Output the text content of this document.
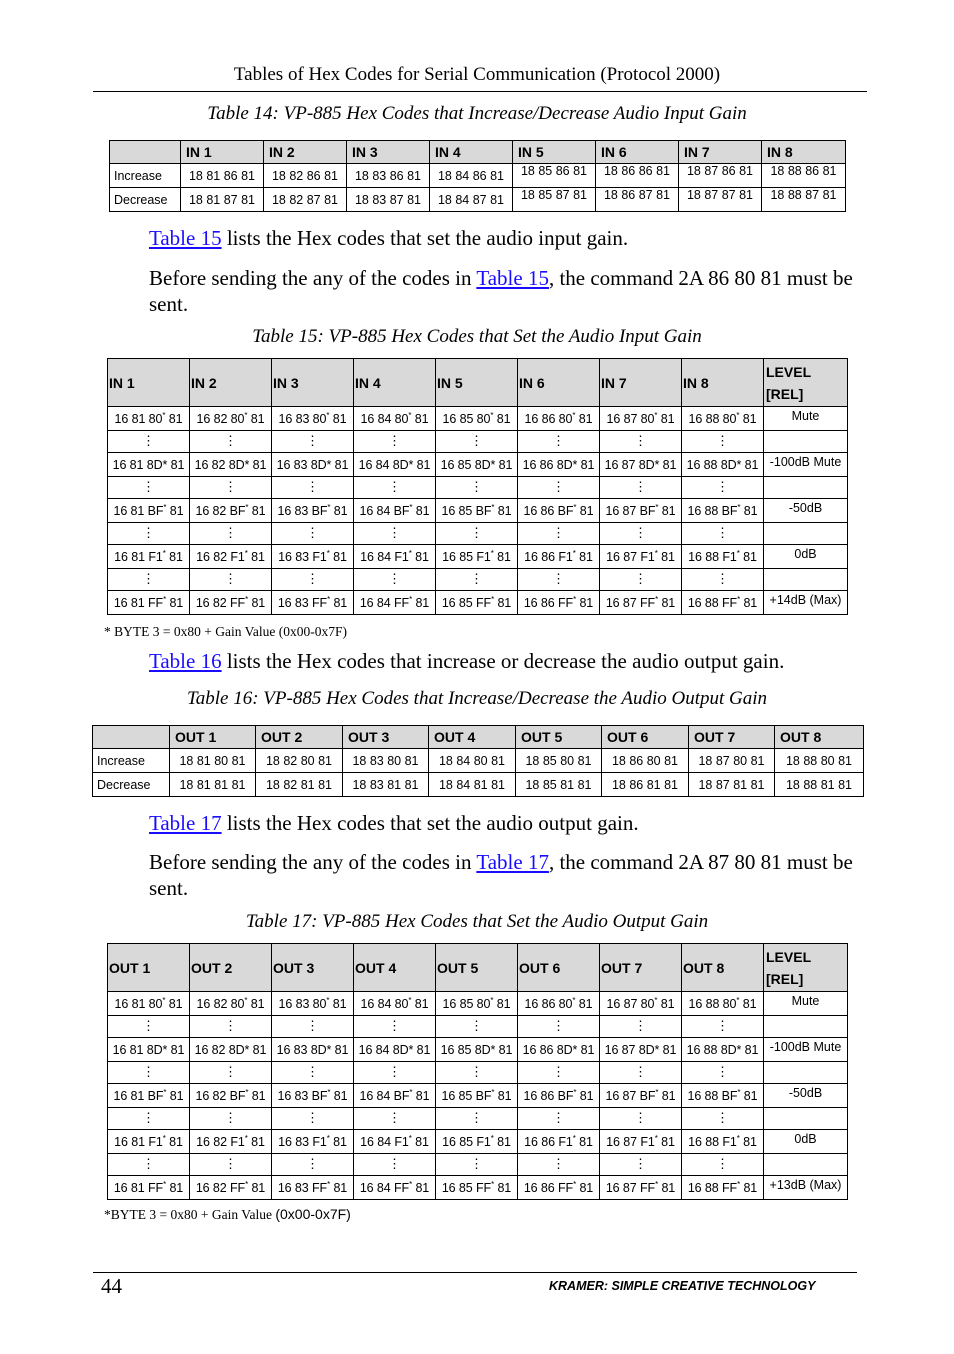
Tables of Hex Codes for Serial Communication (Protocol 2000)
Table 14: VP-885 Hex Codes that Increase/Decrease Audio Input Gain
	IN 1	IN 2	IN 3	IN 4	IN 5	IN 6	IN 7	IN 8
Increase	18 81 86 81	18 82 86 81	18 83 86 81	18 84 86 81	18 85 86 81	18 86 86 81	18 87 86 81	18 88 86 81
Decrease	18 81 87 81	18 82 87 81	18 83 87 81	18 84 87 81	18 85 87 81	18 86 87 81	18 87 87 81	18 88 87 81
Table 15 lists the Hex codes that set the audio input gain.
Before sending the any of the codes in Table 15, the command 2A 86 80 81 must be sent.
Table 15: VP-885 Hex Codes that Set the Audio Input Gain
IN 1	IN 2	IN 3	IN 4	IN 5	IN 6	IN 7	IN 8	LEVEL
[REL]

16 81 80* 81	16 82 80* 81	16 83 80* 81	16 84 80* 81	16 85 80* 81	16 86 80* 81	16 87 80* 81	16 88 80* 81	Mute
⋮	⋮	⋮	⋮	⋮	⋮	⋮	⋮	
16 81 8D* 81	16 82 8D* 81	16 83 8D* 81	16 84 8D* 81	16 85 8D* 81	16 86 8D* 81	16 87 8D* 81	16 88 8D* 81	-100dB Mute
⋮	⋮	⋮	⋮	⋮	⋮	⋮	⋮	
16 81 BF* 81	16 82 BF* 81	16 83 BF* 81	16 84 BF* 81	16 85 BF* 81	16 86 BF* 81	16 87 BF* 81	16 88 BF* 81	-50dB
⋮	⋮	⋮	⋮	⋮	⋮	⋮	⋮	
16 81 F1* 81	16 82 F1* 81	16 83 F1* 81	16 84 F1* 81	16 85 F1* 81	16 86 F1* 81	16 87 F1* 81	16 88 F1* 81	0dB
⋮	⋮	⋮	⋮	⋮	⋮	⋮	⋮	
16 81 FF* 81	16 82 FF* 81	16 83 FF* 81	16 84 FF* 81	16 85 FF* 81	16 86 FF* 81	16 87 FF* 81	16 88 FF* 81	+14dB (Max)
* BYTE 3 = 0x80 + Gain Value (0x00-0x7F)
Table 16 lists the Hex codes that increase or decrease the audio output gain.
Table 16: VP-885 Hex Codes that Increase/Decrease the Audio Output Gain
	OUT 1	OUT 2	OUT 3	OUT 4	OUT 5	OUT 6	OUT 7	OUT 8
Increase	18 81 80 81	18 82 80 81	18 83 80 81	18 84 80 81	18 85 80 81	18 86 80 81	18 87 80 81	18 88 80 81
Decrease	18 81 81 81	18 82 81 81	18 83 81 81	18 84 81 81	18 85 81 81	18 86 81 81	18 87 81 81	18 88 81 81
Table 17 lists the Hex codes that set the audio output gain.
Before sending the any of the codes in Table 17, the command 2A 87 80 81 must be sent.
Table 17: VP-885 Hex Codes that Set the Audio Output Gain
OUT 1	OUT 2	OUT 3	OUT 4	OUT 5	OUT 6	OUT 7	OUT 8	LEVEL
[REL]

16 81 80* 81	16 82 80* 81	16 83 80* 81	16 84 80* 81	16 85 80* 81	16 86 80* 81	16 87 80* 81	16 88 80* 81	Mute
⋮	⋮	⋮	⋮	⋮	⋮	⋮	⋮	
16 81 8D* 81	16 82 8D* 81	16 83 8D* 81	16 84 8D* 81	16 85 8D* 81	16 86 8D* 81	16 87 8D* 81	16 88 8D* 81	-100dB Mute
⋮	⋮	⋮	⋮	⋮	⋮	⋮	⋮	
16 81 BF* 81	16 82 BF* 81	16 83 BF* 81	16 84 BF* 81	16 85 BF* 81	16 86 BF* 81	16 87 BF* 81	16 88 BF* 81	-50dB
⋮	⋮	⋮	⋮	⋮	⋮	⋮	⋮	
16 81 F1* 81	16 82 F1* 81	16 83 F1* 81	16 84 F1* 81	16 85 F1* 81	16 86 F1* 81	16 87 F1* 81	16 88 F1* 81	0dB
⋮	⋮	⋮	⋮	⋮	⋮	⋮	⋮	
16 81 FF* 81	16 82 FF* 81	16 83 FF* 81	16 84 FF* 81	16 85 FF* 81	16 86 FF* 81	16 87 FF* 81	16 88 FF* 81	+13dB (Max)
*BYTE 3 = 0x80 + Gain Value (0x00-0x7F)
44	KRAMER: SIMPLE CREATIVE TECHNOLOGY
